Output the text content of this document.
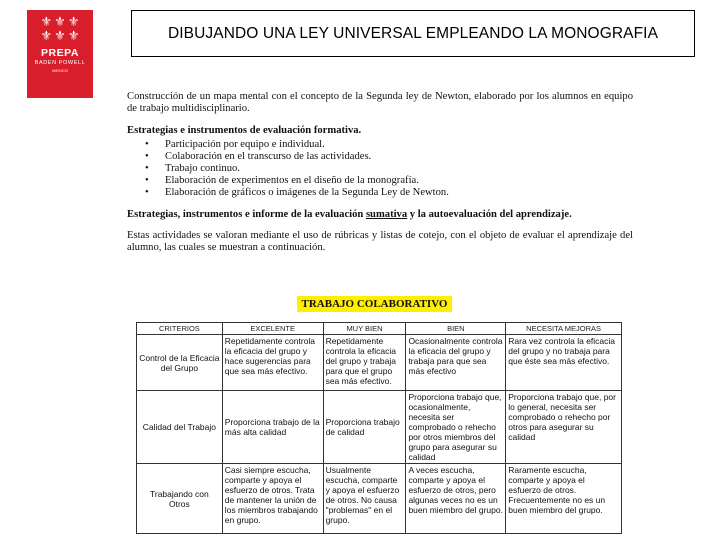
⚜
⚜
⚜
⚜
⚜
⚜
PREPA
BADEN POWELL
MEXICO
DIBUJANDO UNA LEY UNIVERSAL EMPLEANDO LA MONOGRAFIA

Construcción de un mapa mental con el concepto de la Segunda ley de Newton, elaborado por los alumnos en equipo de trabajo multidisciplinario.

Estrategias e instrumentos de evaluación formativa.

•	Participación por equipo e individual.
•	Colaboración en el transcurso de las actividades.
•	Trabajo continuo.
•	Elaboración de experimentos en el diseño de la monografía.
•	Elaboración de gráficos o imágenes de la Segunda Ley de Newton.

Estrategias, instrumentos e informe de la evaluación sumativa y la autoevaluación del aprendizaje.

Estas actividades se valoran mediante el uso de rúbricas y listas de cotejo, con el objeto de evaluar el aprendizaje del alumno, las cuales se muestran a continuación.

TRABAJO COLABORATIVO
CRITERIOS	EXCELENTE	MUY BIEN	BIEN	NECESITA MEJORAS
Control de la Eficacia del Grupo	Repetidamente controla la eficacia del grupo y hace sugerencias para que sea más efectivo.	Repetidamente controla la eficacia del grupo y trabaja para que el grupo sea más efectivo.	Ocasionalmente controla la eficacia del grupo y trabaja para que sea más efectivo	Rara vez controla la eficacia del grupo y no trabaja para que éste sea más efectivo.
Calidad del Trabajo	Proporciona trabajo de la más alta calidad	Proporciona trabajo de calidad	Proporciona trabajo que, ocasionalmente, necesita ser comprobado o rehecho por otros miembros del grupo para asegurar su calidad	Proporciona trabajo que, por lo general, necesita ser comprobado o rehecho por otros para asegurar su calidad
Trabajando con Otros	Casi siempre escucha, comparte y apoya el esfuerzo de otros. Trata de mantener la unión de los miembros trabajando en grupo.	Usualmente escucha, comparte y apoya el esfuerzo de otros. No causa "problemas" en el grupo.	A veces escucha, comparte y apoya el esfuerzo de otros, pero algunas veces no es un buen miembro del grupo.	Raramente escucha, comparte y apoya el esfuerzo de otros. Frecuentemente no es un buen miembro del grupo.
